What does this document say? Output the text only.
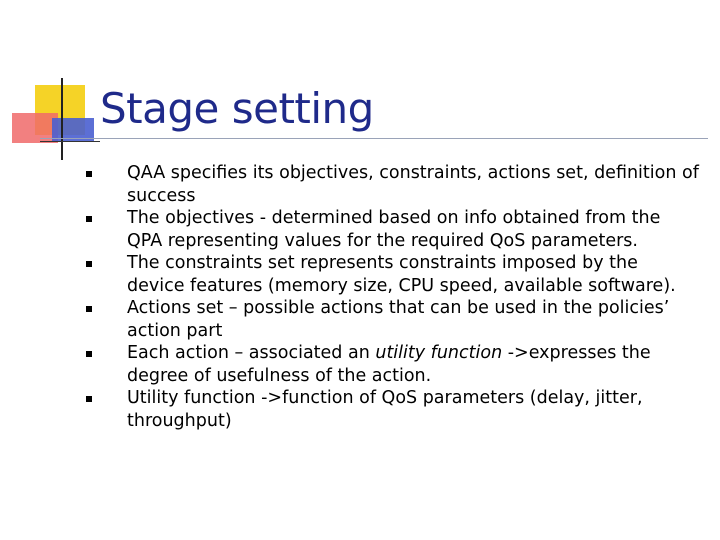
Stage setting
QAA specifies its objectives, constraints, actions set, definition of success
The objectives - determined based on info obtained from the QPA representing values for the required QoS parameters.
The constraints set represents constraints imposed by the device features (memory size, CPU speed, available software).
Actions set – possible actions that can be used in the policies’ action part
Each action – associated an utility function ->expresses the degree of usefulness of the action.
Utility function ->function of QoS parameters (delay, jitter, throughput)
